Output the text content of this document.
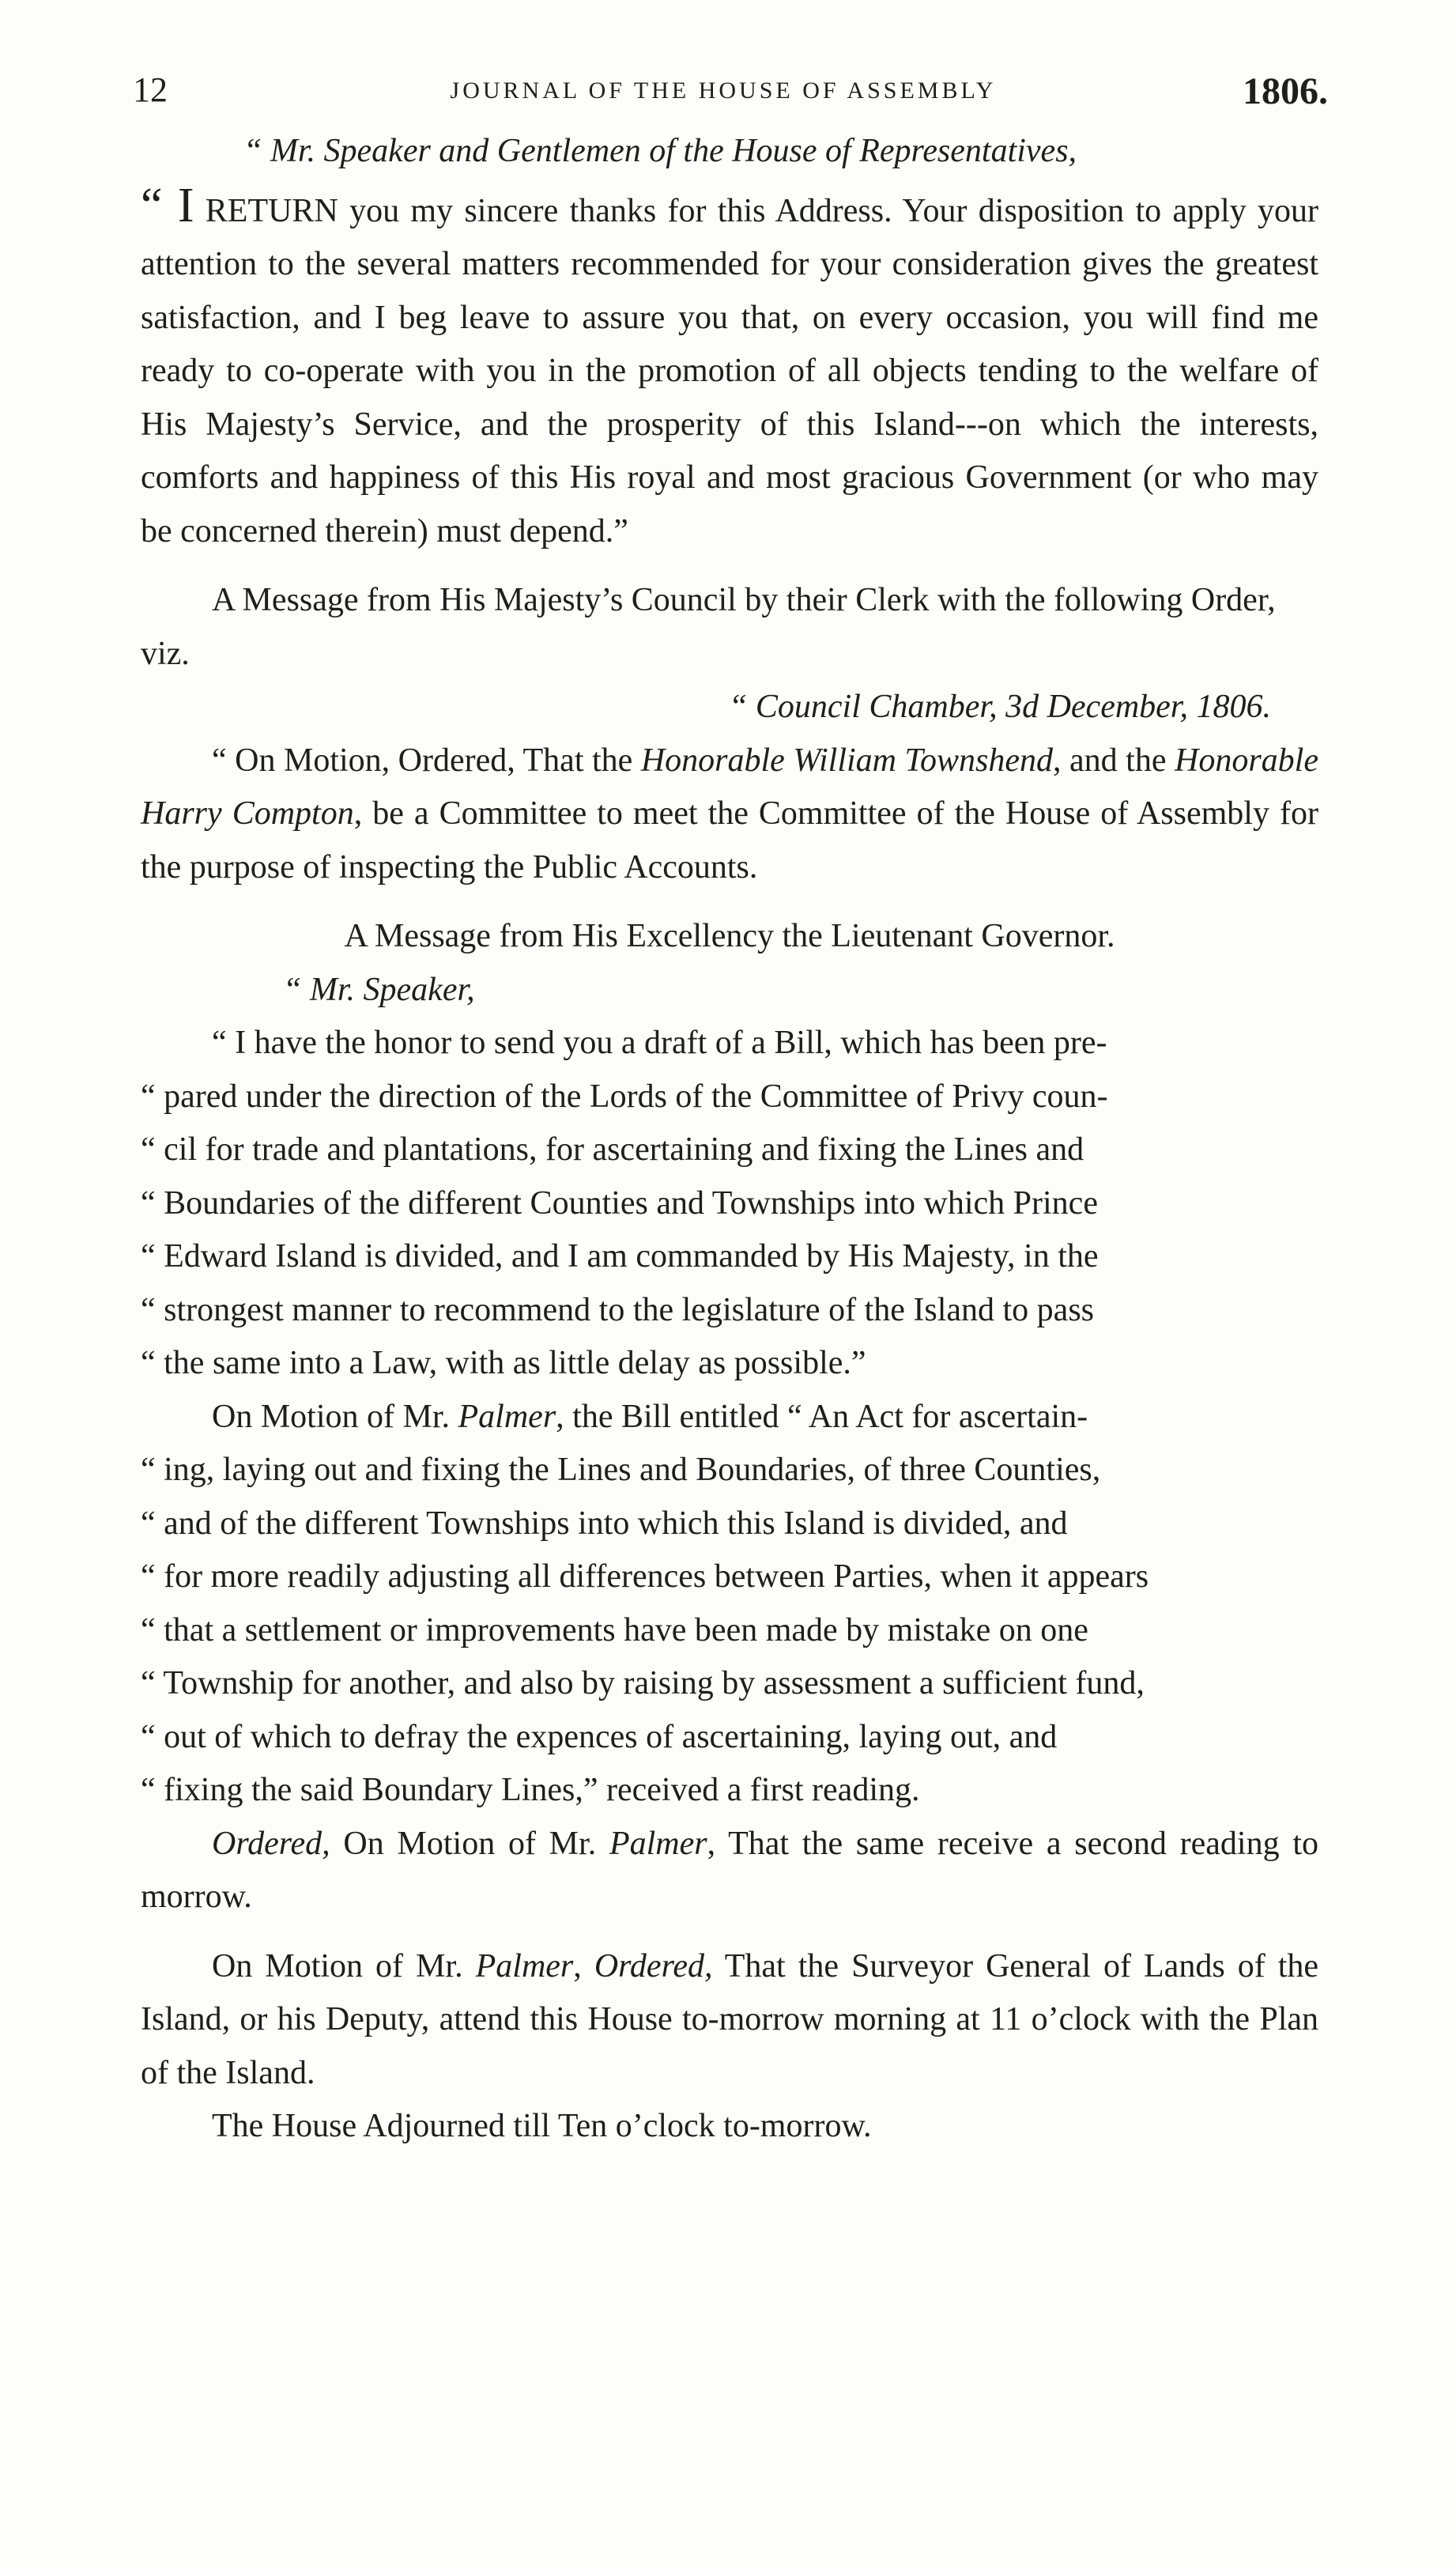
12	JOURNAL OF THE HOUSE OF ASSEMBLY	1806.

“ Mr. Speaker and Gentlemen of the House of Representatives,

“ I RETURN you my sincere thanks for this Address. Your disposition to apply your attention to the several matters recommended for your consideration gives the greatest satisfaction, and I beg leave to assure you that, on every occasion, you will find me ready to co-operate with you in the promotion of all objects tending to the welfare of His Majesty’s Service, and the prosperity of this Island---on which the interests, comforts and happiness of this His royal and most gracious Government (or who may be concerned therein) must depend.”

A Message from His Majesty’s Council by their Clerk with the following Order, viz.

“ Council Chamber, 3d December, 1806.

“ On Motion, Ordered, That the Honorable William Townshend, and the Honorable Harry Compton, be a Committee to meet the Committee of the House of Assembly for the purpose of inspecting the Public Accounts.

A Message from His Excellency the Lieutenant Governor.

“ Mr. Speaker,

“ I have the honor to send you a draft of a Bill, which has been pre-
“ pared under the direction of the Lords of the Committee of Privy coun-
“ cil for trade and plantations, for ascertaining and fixing the Lines and
“ Boundaries of the different Counties and Townships into which Prince
“ Edward Island is divided, and I am commanded by His Majesty, in the
“ strongest manner to recommend to the legislature of the Island to pass
“ the same into a Law, with as little delay as possible.”

On Motion of Mr. Palmer, the Bill entitled “ An Act for ascertain-
“ ing, laying out and fixing the Lines and Boundaries, of three Counties,
“ and of the different Townships into which this Island is divided, and
“ for more readily adjusting all differences between Parties, when it appears
“ that a settlement or improvements have been made by mistake on one
“ Township for another, and also by raising by assessment a sufficient fund,
“ out of which to defray the expences of ascertaining, laying out, and
“ fixing the said Boundary Lines,” received a first reading.

Ordered, On Motion of Mr. Palmer, That the same receive a second reading to morrow.

On Motion of Mr. Palmer, Ordered, That the Surveyor General of Lands of the Island, or his Deputy, attend this House to-morrow morning at 11 o’clock with the Plan of the Island.

The House Adjourned till Ten o’clock to-morrow.
